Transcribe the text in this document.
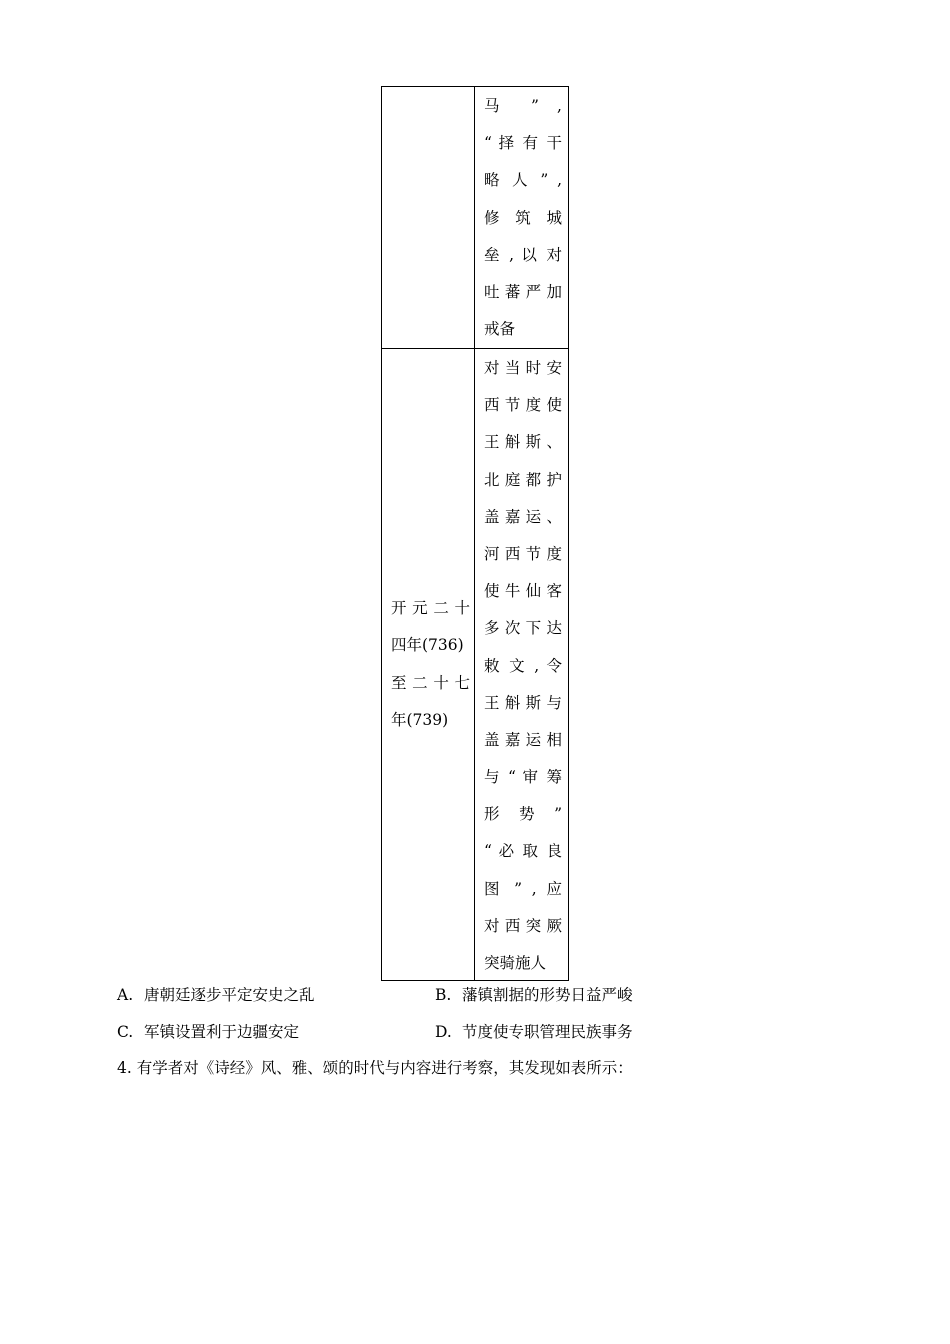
马 ” ,
“ 择 有 干
略 人 ” ,
修 筑 城
垒 , 以 对
吐 蕃 严 加
戒备
开 元 二 十
四年(736)
至 二 十 七
年(739)
对 当 时 安
西 节 度 使
王 斛 斯 、
北 庭 都 护
盖 嘉 运 、
河 西 节 度
使 牛 仙 客
多 次 下 达
敕 文 , 令
王 斛 斯 与
盖 嘉 运 相
与 “ 审 筹
形 势 ”
“ 必 取 良
图 ” , 应
对 西 突 厥
突骑施人
A. 唐朝廷逐步平定安史之乱	B. 藩镇割据的形势日益严峻
C. 军镇设置利于边疆安定	D. 节度使专职管理民族事务
4. 有学者对《诗经》风、雅、颂的时代与内容进行考察，其发现如表所示：
